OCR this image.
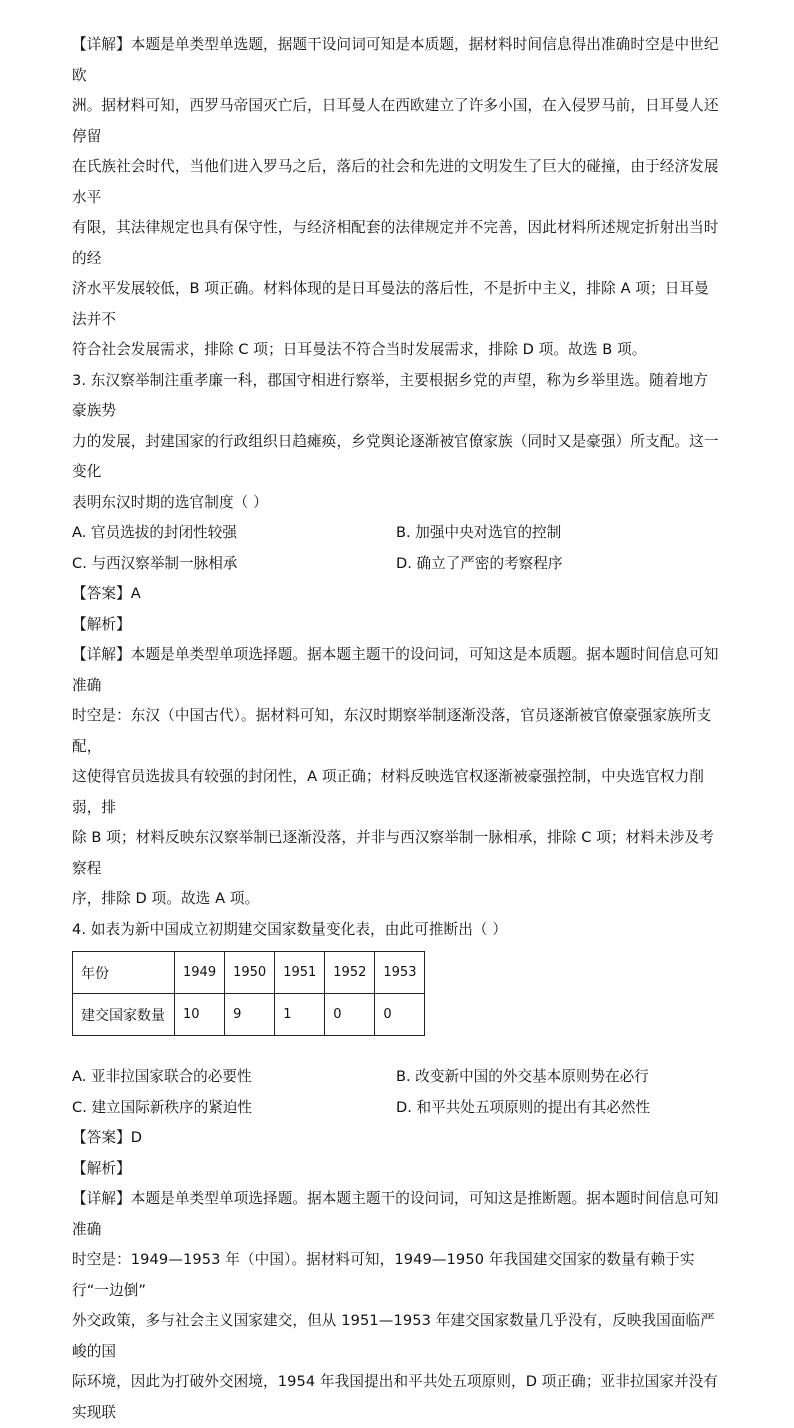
【详解】本题是单类型单选题，据题干设问词可知是本质题，据材料时间信息得出准确时空是中世纪欧

洲。据材料可知，西罗马帝国灭亡后，日耳曼人在西欧建立了许多小国，在入侵罗马前，日耳曼人还停留

在氏族社会时代，当他们进入罗马之后，落后的社会和先进的文明发生了巨大的碰撞，由于经济发展水平

有限，其法律规定也具有保守性，与经济相配套的法律规定并不完善，因此材料所述规定折射出当时的经

济水平发展较低，B 项正确。材料体现的是日耳曼法的落后性，不是折中主义，排除 A 项；日耳曼法并不

符合社会发展需求，排除 C 项；日耳曼法不符合当时发展需求，排除 D 项。故选 B 项。

3. 东汉察举制注重孝廉一科，郡国守相进行察举，主要根据乡党的声望，称为乡举里选。随着地方豪族势

力的发展，封建国家的行政组织日趋瘫痪，乡党舆论逐渐被官僚家族（同时又是豪强）所支配。这一变化

表明东汉时期的选官制度（ ）

A. 官员选拔的封闭性较强	B. 加强中央对选官的控制
C. 与西汉察举制一脉相承	D. 确立了严密的考察程序

【答案】A

【解析】

【详解】本题是单类型单项选择题。据本题主题干的设问词，可知这是本质题。据本题时间信息可知准确

时空是：东汉（中国古代）。据材料可知，东汉时期察举制逐渐没落，官员逐渐被官僚豪强家族所支配，

这使得官员选拔具有较强的封闭性，A 项正确；材料反映选官权逐渐被豪强控制，中央选官权力削弱，排

除 B 项；材料反映东汉察举制已逐渐没落，并非与西汉察举制一脉相承，排除 C 项；材料未涉及考察程

序，排除 D 项。故选 A 项。

4. 如表为新中国成立初期建交国家数量变化表，由此可推断出（ ）

年份	1949	1950	1951	1952	1953
建交国家数量	10	9	1	0	0
A. 亚非拉国家联合的必要性	B. 改变新中国的外交基本原则势在必行
C. 建立国际新秩序的紧迫性	D. 和平共处五项原则的提出有其必然性

【答案】D

【解析】

【详解】本题是单类型单项选择题。据本题主题干的设问词，可知这是推断题。据本题时间信息可知准确

时空是：1949—1953 年（中国）。据材料可知，1949—1950 年我国建交国家的数量有赖于实行“一边倒”

外交政策，多与社会主义国家建交，但从 1951—1953 年建交国家数量几乎没有，反映我国面临严峻的国

际环境，因此为打破外交困境，1954 年我国提出和平共处五项原则，D 项正确；亚非拉国家并没有实现联
